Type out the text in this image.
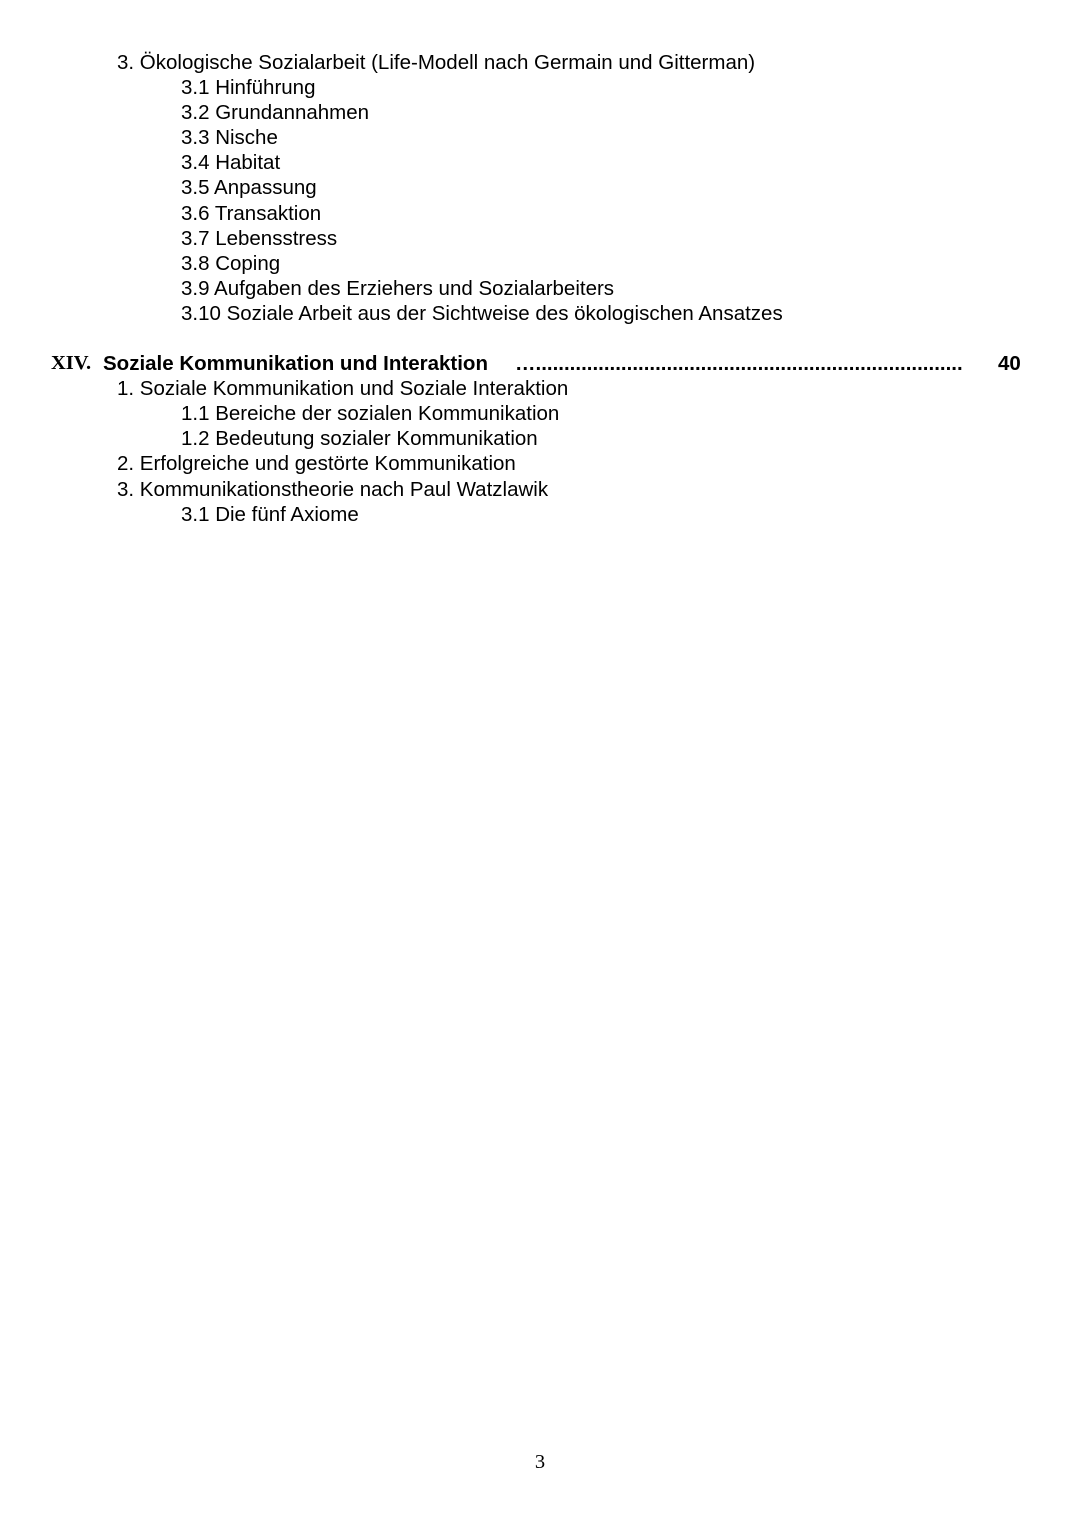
3. Ökologische Sozialarbeit (Life-Modell nach Germain und Gitterman)
3.1 Hinführung
3.2 Grundannahmen
3.3 Nische
3.4 Habitat
3.5 Anpassung
3.6 Transaktion
3.7 Lebensstress
3.8 Coping
3.9 Aufgaben des Erziehers und Sozialarbeiters
3.10 Soziale Arbeit aus der Sichtweise des ökologischen Ansatzes
XIV. Soziale Kommunikation und Interaktion …...........................................................................	40
1. Soziale Kommunikation und Soziale Interaktion
1.1 Bereiche der sozialen Kommunikation
1.2 Bedeutung sozialer Kommunikation
2. Erfolgreiche und gestörte Kommunikation
3. Kommunikationstheorie nach Paul Watzlawik
3.1 Die fünf Axiome
3
